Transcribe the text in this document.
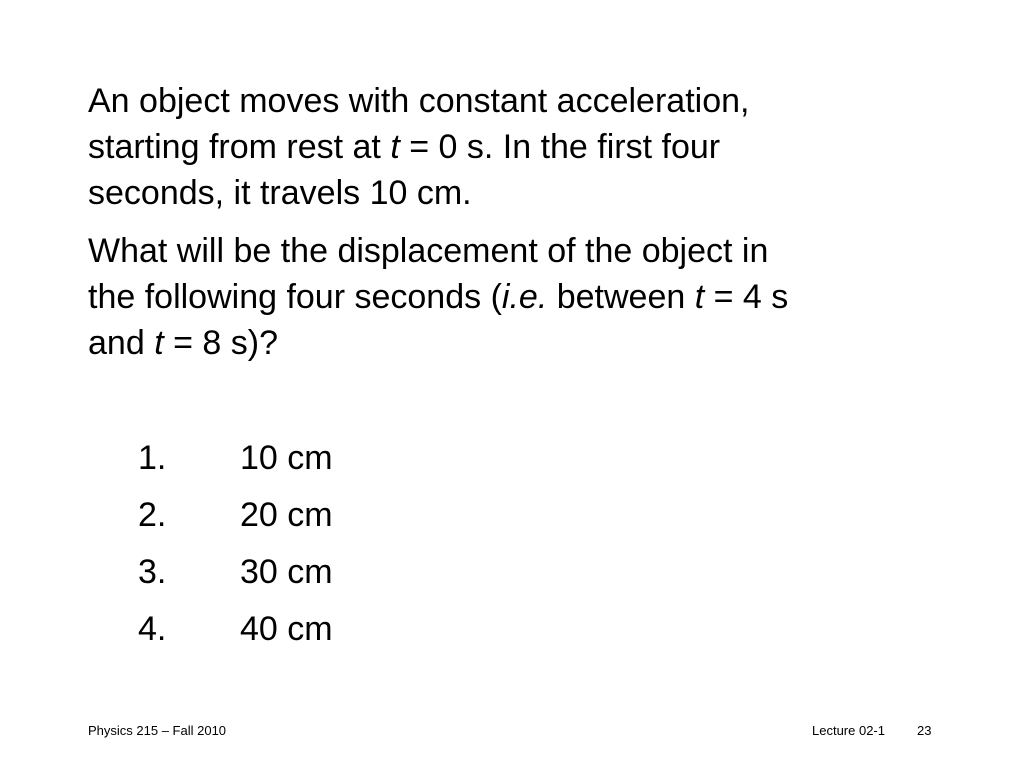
An object moves with constant acceleration,
starting from rest at t = 0 s. In the first four
seconds, it travels 10 cm.
What will be the displacement of the object in
the following four seconds (i.e. between t = 4 s
and t = 8 s)?
1. 10 cm
2. 20 cm
3. 30 cm
4. 40 cm
Physics 215 – Fall 2010	Lecture 02-1 23
